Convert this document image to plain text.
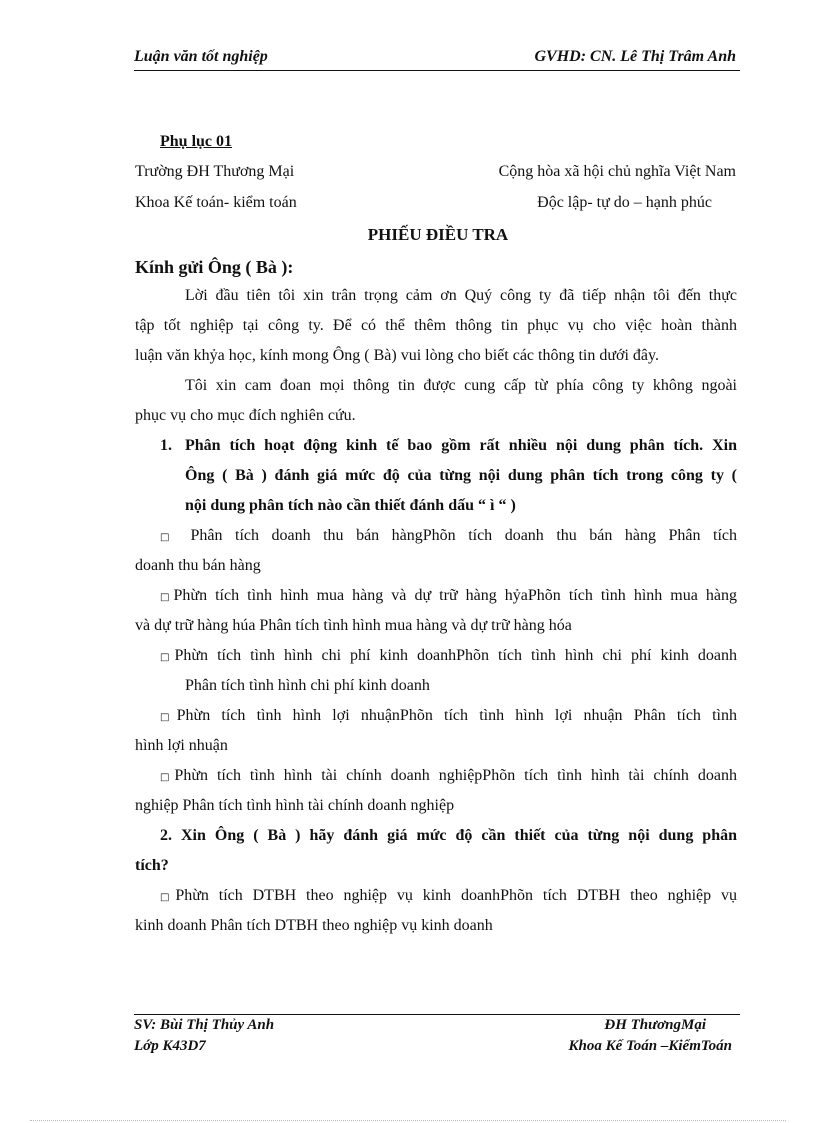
Luận văn tốt nghiệp	GVHD: CN. Lê Thị Trâm Anh
Phụ lục 01
Trường ĐH Thương Mại	Cộng hòa xã hội chủ nghĩa Việt Nam
Khoa Kế toán- kiểm toán	Độc lập- tự do – hạnh phúc
PHIẾU ĐIỀU TRA
Kính gửi Ông ( Bà ):
Lời đầu tiên tôi xin trân trọng cảm ơn Quý công ty đã tiếp nhận tôi đến thực
tập tốt nghiệp tại công ty. Để có thể thêm thông tin phục vụ cho việc hoàn thành
luận văn khỷa học, kính mong Ông ( Bà) vui lòng cho biết các thông tin dưới đây.
Tôi xin cam đoan mọi thông tin được cung cấp từ phía công ty không ngoài
phục vụ cho mục đích nghiên cứu.
1. Phân tích hoạt động kinh tế bao gồm rất nhiều nội dung phân tích. Xin
Ông ( Bà ) đánh giá mức độ của từng nội dung phân tích trong công ty (
nội dung phân tích nào cần thiết đánh dấu “ ì “ )
□ Phân tích doanh thu bán hàngPhõn tích doanh thu bán hàng Phân tích
doanh thu bán hàng
□Phừn tích tình hình mua hàng và dự trữ hàng hỷaPhõn tích tình hình mua hàng
và dự trữ hàng húa Phân tích tình hình mua hàng và dự trữ hàng hóa
□Phừn tích tình hình chi phí kinh doanhPhõn tích tình hình chi phí kinh doanh
Phân tích tình hình chi phí kinh doanh
□Phừn tích tình hình lợi nhuậnPhõn tích tình hình lợi nhuận Phân tích tình
hình lợi nhuận
□Phừn tích tình hình tài chính doanh nghiệpPhõn tích tình hình tài chính doanh
nghiệp Phân tích tình hình tài chính doanh nghiệp
2. Xin Ông ( Bà ) hãy đánh giá mức độ cần thiết của từng nội dung phân
tích?
□Phừn tích DTBH theo nghiệp vụ kinh doanhPhõn tích DTBH theo nghiệp vụ
kinh doanh Phân tích DTBH theo nghiệp vụ kinh doanh
SV: Bùi Thị Thủy Anh	ĐH ThươngMại
Lớp K43D7	Khoa Kế Toán –KiểmToán
